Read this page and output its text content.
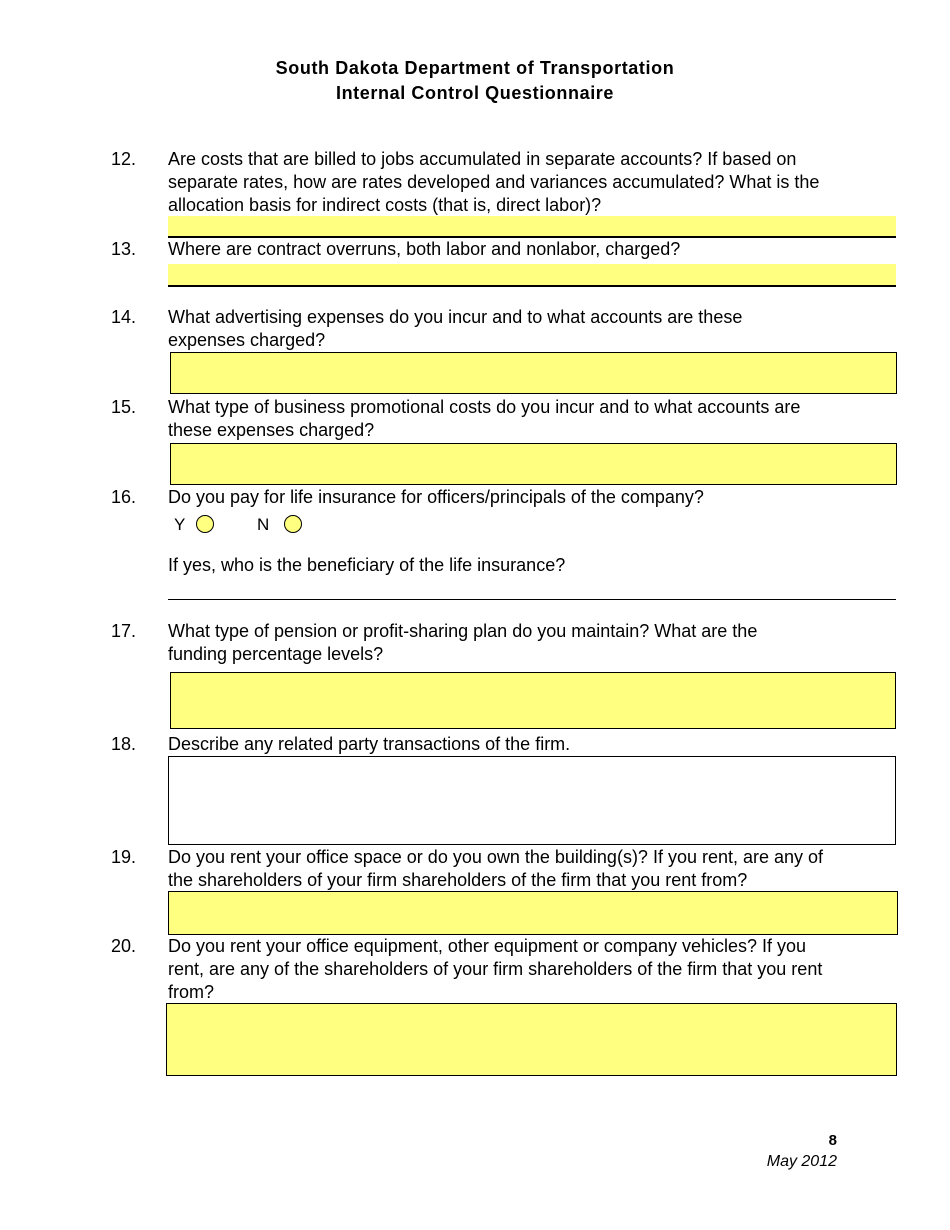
South Dakota Department of Transportation
Internal Control Questionnaire
12. Are costs that are billed to jobs accumulated in separate accounts? If based on separate rates, how are rates developed and variances accumulated? What is the allocation basis for indirect costs (that is, direct labor)?
13. Where are contract overruns, both labor and nonlabor, charged?
14. What advertising expenses do you incur and to what accounts are these expenses charged?
15. What type of business promotional costs do you incur and to what accounts are these expenses charged?
16. Do you pay for life insurance for officers/principals of the company?
Y	N
If yes, who is the beneficiary of the life insurance?
17. What type of pension or profit-sharing plan do you maintain? What are the funding percentage levels?
18. Describe any related party transactions of the firm.
19. Do you rent your office space or do you own the building(s)? If you rent, are any of the shareholders of your firm shareholders of the firm that you rent from?
20. Do you rent your office equipment, other equipment or company vehicles? If you rent, are any of the shareholders of your firm shareholders of the firm that you rent from?
8
May 2012
